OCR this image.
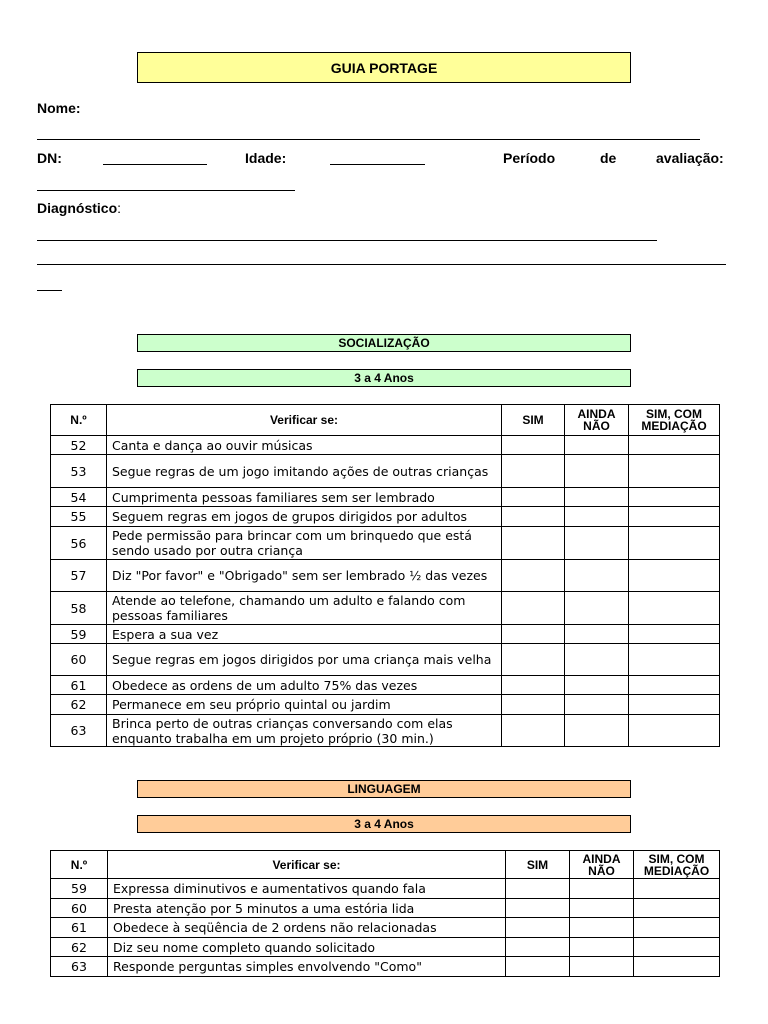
GUIA PORTAGE
Nome:
DN:	Idade:	Período	de	avaliação:
Diagnóstico:
SOCIALIZAÇÃO
3 a 4 Anos
N.º	Verificar se:	SIM	AINDA NÃO	SIM, COM MEDIAÇÃO
52	Canta e dança ao ouvir músicas			
53	Segue regras de um jogo imitando ações de outras crianças			
54	Cumprimenta pessoas familiares sem ser lembrado			
55	Seguem regras em jogos de grupos dirigidos por adultos			
56	Pede permissão para brincar com um brinquedo que está sendo usado por outra criança			
57	Diz "Por favor" e "Obrigado" sem ser lembrado ½ das vezes			
58	Atende ao telefone, chamando um adulto e falando com pessoas familiares			
59	Espera a sua vez			
60	Segue regras em jogos dirigidos por uma criança mais velha			
61	Obedece as ordens de um adulto 75% das vezes			
62	Permanece em seu próprio quintal ou jardim			
63	Brinca perto de outras crianças conversando com elas enquanto trabalha em um projeto próprio (30 min.)			
LINGUAGEM
3 a 4 Anos
N.º	Verificar se:	SIM	AINDA NÃO	SIM, COM MEDIAÇÃO
59	Expressa diminutivos e aumentativos quando fala			
60	Presta atenção por 5 minutos a uma estória lida			
61	Obedece à seqüência de 2 ordens não relacionadas			
62	Diz seu nome completo quando solicitado			
63	Responde perguntas simples envolvendo "Como"			
